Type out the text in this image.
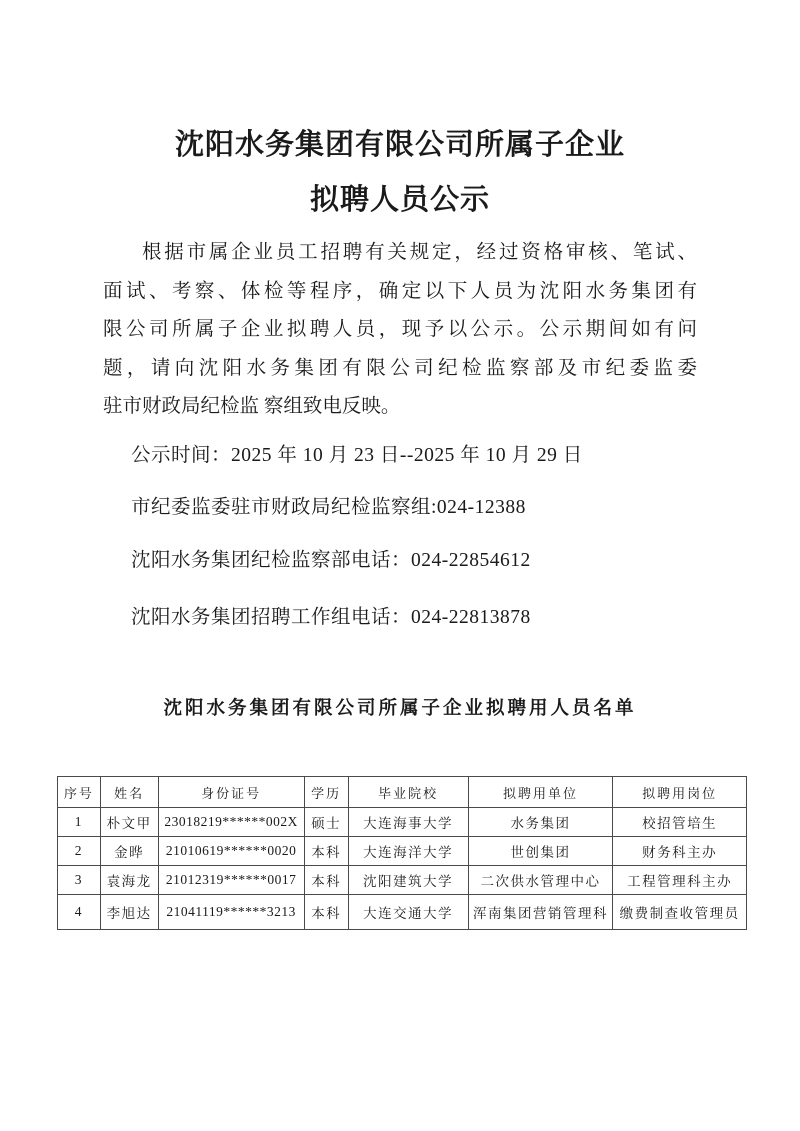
沈阳水务集团有限公司所属子企业
拟聘人员公示
根据市属企业员工招聘有关规定，经过资格审核、笔试、
面试、考察、体检等程序，确定以下人员为沈阳水务集团有
限公司所属子企业拟聘人员，现予以公示。公示期间如有问
题，请向沈阳水务集团有限公司纪检监察部及市纪委监委
驻市财政局纪检监 察组致电反映。
公示时间：2025 年 10 月 23 日--2025 年 10 月 29 日
市纪委监委驻市财政局纪检监察组:024-12388
沈阳水务集团纪检监察部电话：024-22854612
沈阳水务集团招聘工作组电话：024-22813878
沈阳水务集团有限公司所属子企业拟聘用人员名单
序号	姓名	身份证号	学历	毕业院校	拟聘用单位	拟聘用岗位
1	朴文甲	23018219******002X	硕士	大连海事大学	水务集团	校招管培生
2	金晔	21010619******0020	本科	大连海洋大学	世创集团	财务科主办
3	袁海龙	21012319******0017	本科	沈阳建筑大学	二次供水管理中心	工程管理科主办
4	李旭达	21041119******3213	本科	大连交通大学	浑南集团营销管理科	缴费制查收管理员
